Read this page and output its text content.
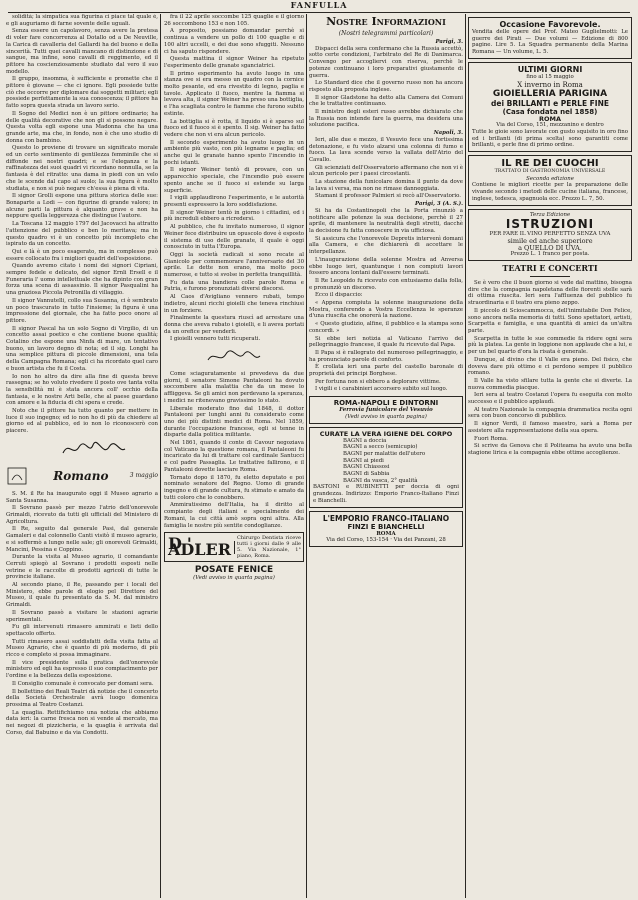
FANFULLA

solidità; la simpatica sua figurina ci piace tal quale è, e gli auguriamo di farne sovente delle uguali.

Senza essere un capolavoro, senza avere la pretesa di voler fare concorrenza al Dotallo od a De Neuville, la Carica di cavalleria del Gallardi ha del buono e della sincerità. Tutti quei cavalli mancano di distinzione e di sangue, ma infine, sono cavalli di reggimento, ed il pittore ha coscienziosamente studiato dal vero il suo modello.

Il gruppo, insomma, è sufficiente e promette che il pittore è giovane — che ci ignore. Egli possiede tutte ciò che occorre per diplomare dai soggetti militari; egli possiede perfettamente la sua conoscenza; il pittore ha fatto sopra questa strada un lavoro serio.

Il Sogno del Medici non è un pittore ordinario; ha delle qualità decorative che non gli si possono negare. Questa volta egli espone una Madonna che ha una grande arte, ma che, in fondo, non è che uno studio di donna con bambino.

Questo lo proviene di trovare un significato morale ed un certo sentimento di gentilezza femminile che si diffonde nei nostri quadri; e se l'eleganza e la raffinatezza dei suoi quadri vi ricordano nonnulla, se la fantasia è del ritratto: una dama in piedi con un velo che le scende dal capo al suolo; la sua figura è molto studiata, e non si può negare ch'essa è piena di vita.

Il signor Grolli espone una pittura storica delle sue: Bonaparte a Lodi — con figurine di grande valore; in alcune parti la pittura è alquanto grave e non ha neppure quella leggerezza che distingue l'autore.

La Toscana 12 maggio 1797 del Jacovacci ha attratto l'attenzione del pubblico e ben lo meritava; ma in questo quadro vi è un concetto più incompleto che ispirato da un concetto.

Qui e là è un poco esagerato, ma in complesso può essere collocato fra i migliori quadri dell'esposizione.

Quando avremo citato i nomi dei signori Cipriani, sempre fedele e delicato, del signor Ernli Ersell e il Funeraria l' uomo intellettuale che ha dipinto con gran forza una scena di assassinio. Il signor Pasqualini ha una graziosa Piccola Petronilla di villaggio.

Il signor Vannutelli, collo sua Susanna, ci è sembrato un poco trascurato in tutto l'insieme; la figura è una impressione del giornale, che ha fatto poco onore al pittore.

Il signor Pascal ha un solo Sogno di Virgilio, di un concetto assai poetico e che contiene buone qualità; Cotalino che espone una Ninfa di mare, un tentativo buono, un lavoro degno di nota; ed il sig. Longhi ha una semplice pittura di piccole dimensioni, una tela della Campagna Romana; egli ci ha ricordato quel caro e buon artista che fu il Costa.

Io non ho altro da dire alla fine di questa breve rassegna; se ho voluto rivedere il posto ove tanta volta la sensibilità mi è stata ancora coll' occhio della fantasia, e le nostre Arti belle, che al paese guardano con amore e la fiducia di chi spera e crede.

Noto che il pittore ha tutto quanto per mettere in luce il suo ingegno; ed io non ho di più da chiedere al giorno ed al pubblico, ed io non lo riconoscerò con piacere.

Romano	3 maggio

S. M. il Re ha inaugurato oggi il Museo agrario a Santa Susanna.

Il Sovrano passò per mezzo l'atrio dell'onorevole Grimaldi, ricevuto da tutti gli ufficiali del Ministero di Agricoltura.

Il Re, seguito dal generale Pasi, dal generale Gamaleri e dal colonnello Canti visitò il museo agrario, e si soffermò a lungo nelle sale; gli onorevoli Grimaldi, Mancini, Pessina e Coppino.

Durante la visita al Museo agrario, il comandante Cerruti spiegò al Sovrano i prodotti esposti nelle vetrine e le raccolte di prodotti agricoli di tutte le provincie italiane.

Al secondo piano, il Re, passando per i locali del Ministero, ebbe parole di elogio pel Direttore del Museo, il quale fu presentato da S. M. dal ministro Grimaldi.

Il Sovrano passò a visitare le stazioni agrarie sperimentali.

Fu gli intervenuti rimasero ammirati e lieti dello spettacolo offerto.

Tutti rimasero assai soddisfatti della visita fatta al Museo Agrario, che è quanto di più moderno, di più ricco e completo si possa immaginare.

Il vice presidente sulla pratica dell'onorevole ministero ed egli ha espresso il suo compiacimento per l'ordine e la bellezza della esposizione.

Il Consiglio comunale è convocato per domani sera.

Il bollettino dei Reali Teatri dà notizie che il concerto della Società Orchestrale avrà luogo domenica prossima al Teatro Costanzi.

La quaglia. Rettifichiamo una notizia che abbiamo data ieri: la carne fresca non si vende al mercato, ma nei negozi di pizzicheria, e la quaglia è arrivata dal Corso, dal Babuino e da via Condotti.

fra il 22 aprile soccombe 125 quaglie e il giorno 26 soccombono 153 e non 105.

A proposito, possiamo domandar perchè si continua a vendere un pollo di 100 quaglie e di 100 altri uccelli, e dei due sono sfuggiti. Nessuno ci ha saputo rispondere.

Questa mattina il signor Weiner ha ripetuto l'esperimento delle granate sganciatrici.

Il primo esperimento ha avuto luogo in una stanza ove si era messo un quadro con la cornice molto pesante, ed era rivestito di legno, paglia e tavole. Applicato il fuoco, mentre la fiamma si levava alta, il signor Weiner ha preso una bottiglia, e l'ha scagliata contro le fiamme che furono subito estinte.

La bottiglia si è rotta, il liquido si è sparso sul fuoco ed il fuoco si è spento. Il sig. Weiner ha fatto vedere che non vi era alcun pericolo.

Il secondo esperimento ha avuto luogo in un ambiente più vasto, con più legname e paglia; ed anche qui le granate hanno spento l'incendio in pochi istanti.

Il signor Weiner tentò di provare, con un apparecchio speciale, che l'incendio può essere spento anche se il fuoco si estende su larga superficie.

I vigili applaudirono l'esperimento, e le autorità presenti espressero la loro soddisfazione.

Il signor Weiner tentò in giorno i cittadini, ed i più increduli ebbero a ricredersi.

Al pubblico, che fu invitato numeroso, il signor Weiner fece distribuire un opuscolo dove è esposto il sistema di uso delle granate, il quale è oggi conosciuto in tutta l'Europa.

Oggi la società radicali si sono recate al Gianicolo per commemorare l'anniversario del 30 aprile. Le dette non erano, ma molto poco numerose, e tutto si svolse in perfetta tranquillità.

Fu data una bandiera colle parole Roma e Patria, e furono pronunziati diversi discorsi.

Al Caos d'Avigliano vennero rubati, tempo indietro, alcuni ricchi gioielli che teneva rinchiusi in un forziere.

Finalmente la questura riuscì ad arrestare una donna che aveva rubato i gioielli, e li aveva portati da un orefice per venderli.

I gioielli vennero tutti ricuperati.

Come sciaguratamente si prevedeva da due giorni, il senatore Simone Pantaleoni ha dovuto soccombere alla malattia che da un mese lo affliggeva. Se gli amici non perdevano la speranza, i medici ne ritenevano gravissimo lo stato.

Liberale moderato fino dal 1848, il dottor Pantaleoni per lunghi anni fu considerato come uno dei più distinti medici di Roma. Nel 1859, durante l'occupazione francese, egli si tenne in disparte dalla politica militante.

Nel 1861, quando il conte di Cavour negoziava col Vaticano la questione romana, il Pantaleoni fu incaricato da lui di trattare col cardinale Santucci e col padre Passaglia. Le trattative fallirono, e il Pantaleoni dovette lasciare Roma.

Tornato dopo il 1870, fu eletto deputato e poi nominato senatore del Regno. Uomo di grande ingegno e di grande cultura, fu stimato e amato da tutti coloro che lo conobbero.

Ammiratissimo dell'Italia, ha il diritto al compianto degli italiani e specialmente dei Romani, la cui città amò sopra ogni altra. Alla famiglia le nostre più sentite condoglianze.

D.' ADLER
Chirurgo Dentista riceve tutti i giorni dalle 9 alle 5. Via Nazionale, 1° piano, Roma.
POSATE FENICE
(Vedi avviso in quarta pagina)
Nostre Informazioni
(Nostri telegrammi particolari)
Parigi, 3.

Dispacci della sera confermano che la Russia accettò, sotto certe condizioni, l'arbitrato del Re di Danimarca. Convengo per accogliervi con riserva, perchè le potenze continuano i loro preparativi giustamente di guerra.

Lo Standard dice che il governo russo non ha ancora risposto alla proposta inglese.

Il signor Gladstone ha detto alla Camera dei Comuni che le trattative continuano.

Il ministro degli esteri russo avrebbe dichiarato che la Russia non intende fare la guerra, ma desidera una soluzione pacifica.

Napoli, 3.

Ieri, alle due e mezzo, il Vesuvio fece una fortissima detonazione, e fu visto alzarsi una colonna di fumo e fuoco. La lava scende verso la vallata dell'Atrio del Cavallo.

Gli scienziati dell'Osservatorio affermano che non vi è alcun pericolo per i paesi circostanti.

La stazione della funicolare domina il punto da dove la lava si versa, ma non ne rimase danneggiata.

Stamani il professor Palmieri si recò all'Osservatorio.

Parigi, 3 (A. S.).

Si ha da Costantinopoli che la Porta rinunziò a notificare alle potenze la sua decisione, perchè il 27 aprile, di mantenere la neutralità degli stretti, dacchè la decisione fu fatta conoscere in via ufficiosa.

Si assicura che l'onorevole Depretis intervenì domani alla Camera, e che dichiarerà di accettare le interpellanze.

L'inaugurazione della solenne Mostra ad Anversa ebbe luogo ieri, quantunque i non compiuti lavori fossero ancora lontani dall'essere terminati.

Il Re Leopoldo fu ricevuto con entusiasmo dalla folla, e pronunziò un discorso.

Ecco il dispaccio:

« Appena compiuta la solenne inaugurazione della Mostra, conferendo a Vostra Eccellenza le speranze d'una riuscita che onorerà la nazione.

« Questo giudizio, alfine, il pubblico e la stampa sono concordi. »

Si ebbe ieri notizia al Vaticano l'arrivo del pellegrinaggio francese, il quale fu ricevuto dal Papa.

Il Papa si è rallegrato del numeroso pellegrinaggio, e ha pronunciato parole di conforto.

È crollata ieri una parte del castello baronale di proprietà dei principi Borghese.

Per fortuna non si ebbero a deplorare vittime.

I vigili e i carabinieri accorsero subito sul luogo.

ROMA-NAPOLI E DINTORNI
Ferrovia funicolare del Vesuvio
(Vedi avviso in quarta pagina)
CURATE LA VERA IGIENE DEL CORPO
BAGNI a doccia
BAGNI a secco (semicupio)
BAGNI per malattie dell'utero
BAGNI ai piedi
BAGNI Chiassosi
BAGNI di Sabbia
BAGNI da vasca, 2° qualità
BASTONI e RUBINETTI per doccia di ogni grandezza. Indirizzo: Emporio Franco-Italiano Finzi e Bianchelli.
L'EMPORIO FRANCO-ITALIANO
FINZI E BIANCHELLI
ROMA
Via del Corso, 153-154 · Via dei Panzani, 28
Occasione Favorevole.
Vendita delle opere del Prof. Mateo Guglielmotti: Le guerre dei Pirati — Due volumi — Edizione di 800 pagine. Lire 5. La Squadra permanente della Marina Romana — Un volume, L. 5.
ULTIMI GIORNI
fino al 15 maggio
X inverno in Roma
GIOIELLERIA PARIGINA
dei BRILLANTI e PERLE FINE
(Casa fondata nel 1858)
ROMA
Via del Corso, 151, mezzanino e dentro
Tutte le gioie sono lavorate con gusto squisito in oro fino ed i brillanti (di prima scelta) sono garantiti come brillanti, e perle fine di primo ordine.
IL RE DEI CUOCHI
TRATTATO DI GASTRONOMIA UNIVERSALE
Seconda edizione
Contiene le migliori ricette per la preparazione delle vivande secondo i metodi delle cucine italiana, francese, inglese, tedesca, spagnuola ecc. Prezzo L. 7, 50.
Terza Edizione
ISTRUZIONI
PER FARE IL VINO PERFETTO SENZA UVA
simile ed anche superiore
a QUELLO DI UVA.
Prezzo L. 1 franco per posta.
TEATRI E CONCERTI

Se è vero che il buon giorno si vede dal mattino, bisogna dire che la compagnia napoletana delle fiorenti stelle sarà di ottima riuscita. Ieri sera l'affluenza del pubblico fu straordinaria e il teatro era pieno zeppo.

Il piccolo di Scioscammocca, dell'inimitabile Don Felice, sono ancora nella memoria di tutti. Sono spettatori, artisti, Scarpetta e famiglia, e una quantità di amici da un'altra parte.

Scarpetta in tutte le sue commedie fa ridere ogni sera più la platea. La gente in loggione non applaude che a lui, e per un bel quarto d'ora la risata è generale.

Dunque, al divino che il Valle era pieno. Del fisico, che doveva dare più ottimo e ci perdono sempre il pubblico romano.

Il Valle ha visto sfilare tutta la gente che si diverte. La nuova commedia piacque.

Ieri sera al teatro Costanzi l'opera fu eseguita con molto successo e il pubblico applaudì.

Al teatro Nazionale la compagnia drammatica recita ogni sera con buon concorso di pubblico.

Il signor Verdi, il famoso maestro, sarà a Roma per assistere alla rappresentazione della sua opera.

Fuori Roma.

Si scrive da Genova che il Politeama ha avuto una bella stagione lirica e la compagnia ebbe ottime accoglienze.
